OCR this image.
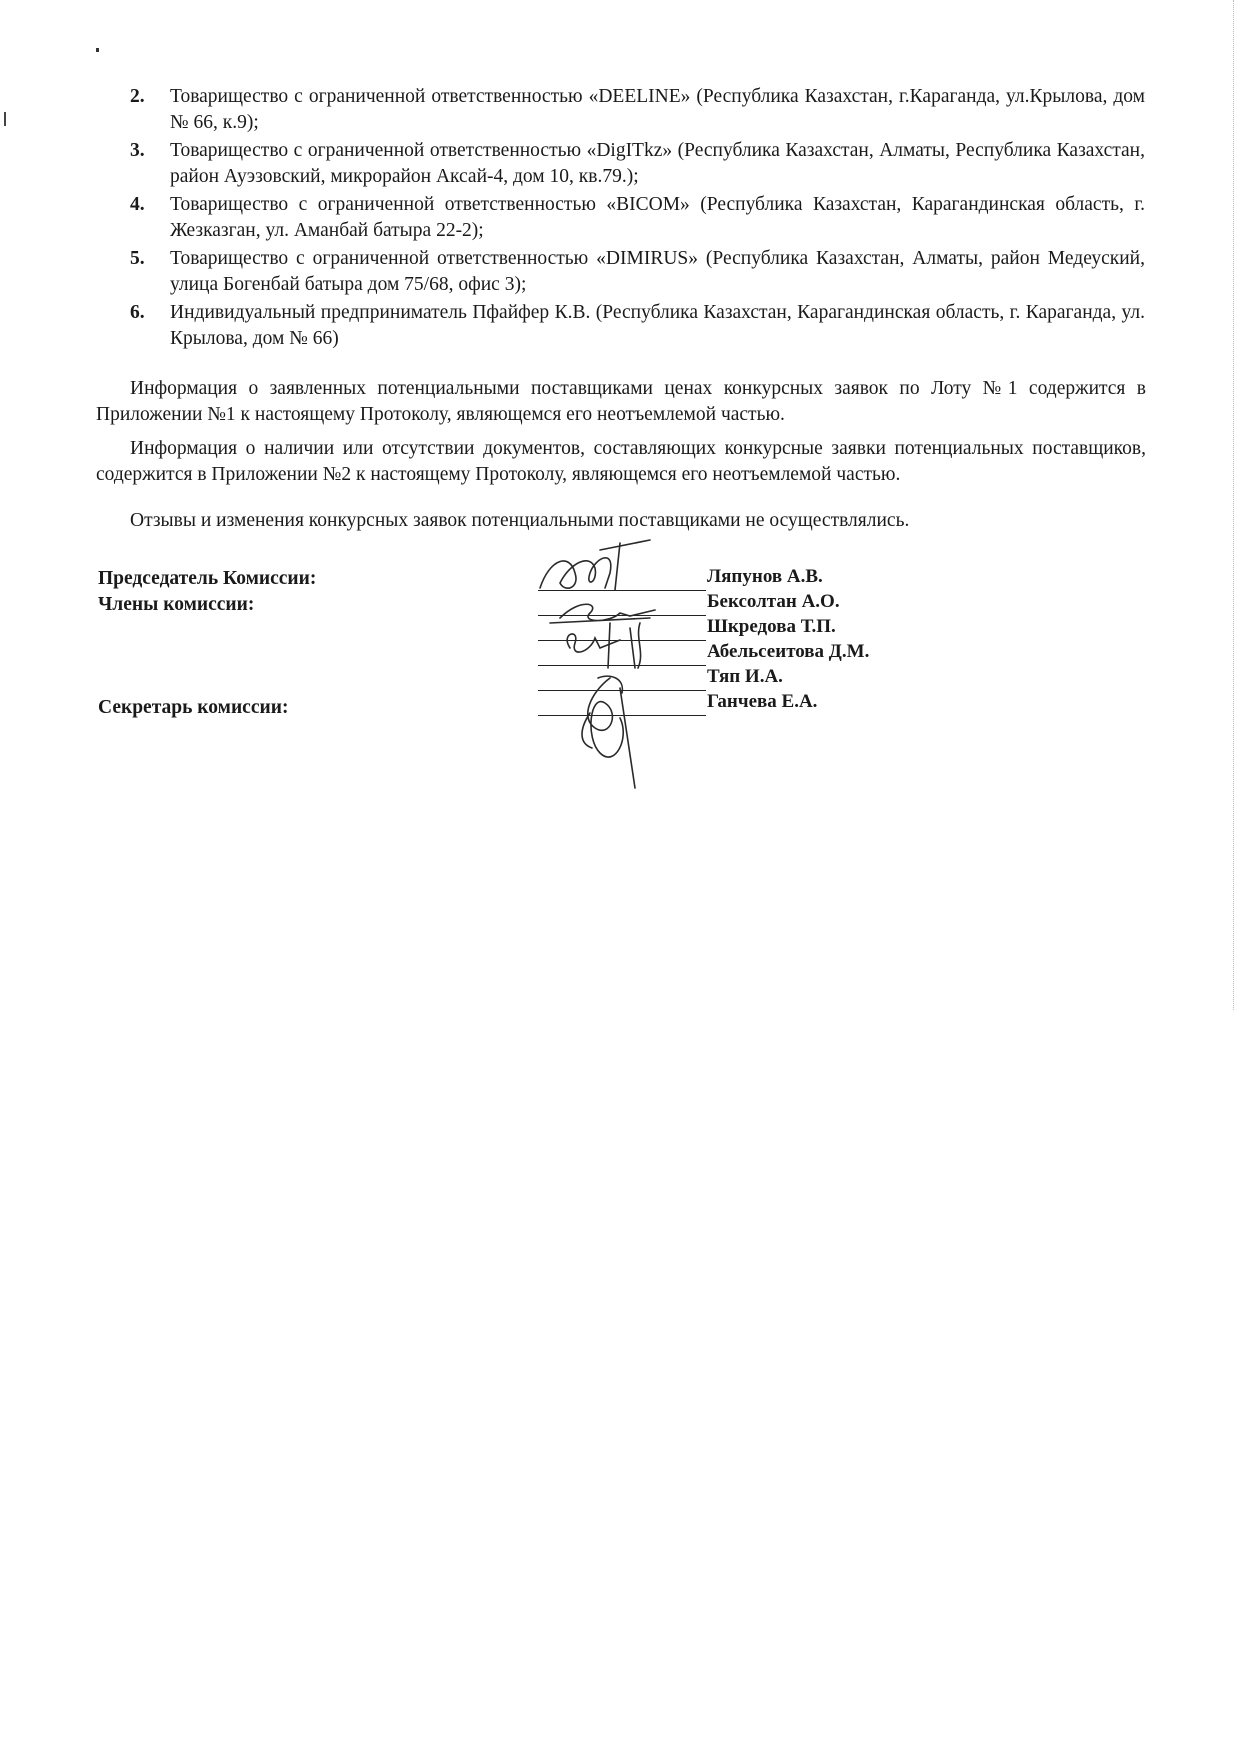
2. Товарищество с ограниченной ответственностью «DEELINE» (Республика Казахстан, г.Караганда, ул.Крылова, дом № 66, к.9);
3. Товарищество с ограниченной ответственностью «DigITkz» (Республика Казахстан, Алматы, Республика Казахстан, район Ауэзовский, микрорайон Аксай-4, дом 10, кв.79.);
4. Товарищество с ограниченной ответственностью «BICOM» (Республика Казахстан, Карагандинская область, г. Жезказган, ул. Аманбай батыра 22-2);
5. Товарищество с ограниченной ответственностью «DIMIRUS» (Республика Казахстан, Алматы, район Медеуский, улица Богенбай батыра дом 75/68, офис 3);
6. Индивидуальный предприниматель Пфайфер К.В. (Республика Казахстан, Карагандинская область, г. Караганда, ул. Крылова, дом № 66)

Информация о заявленных потенциальными поставщиками ценах конкурсных заявок по Лоту №1 содержится в Приложении №1 к настоящему Протоколу, являющемся его неотъемлемой частью.

Информация о наличии или отсутствии документов, составляющих конкурсные заявки потенциальных поставщиков, содержится в Приложении №2 к настоящему Протоколу, являющемся его неотъемлемой частью.

Отзывы и изменения конкурсных заявок потенциальными поставщиками не осуществлялись.

Председатель Комиссии:
Члены комиссии:
Секретарь комиссии:
Ляпунов А.В.
Бексолтан А.О.
Шкредова Т.П.
Абельсеитова Д.М.
Тяп И.А.
Ганчева Е.А.
